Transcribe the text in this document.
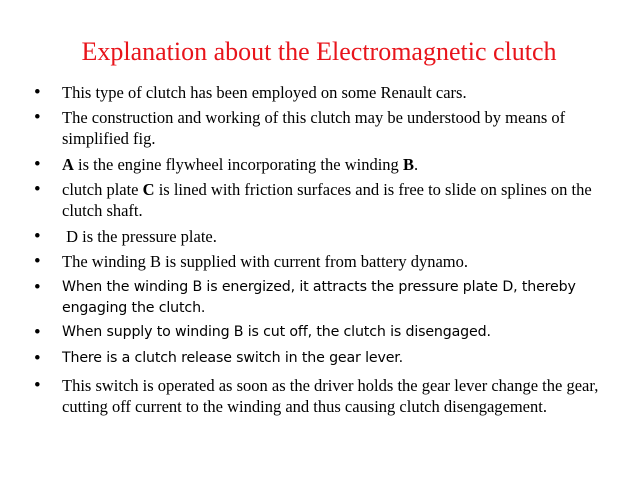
Explanation about the Electromagnetic clutch
• This type of clutch has been employed on some Renault cars.
• The construction and working of this clutch may be understood by means of simplified fig.
• A is the engine flywheel incorporating the winding B.
• clutch plate C is lined with friction surfaces and is free to slide on splines on the clutch shaft.
• D is the pressure plate.
• The winding B is supplied with current from battery dynamo.
• When the winding B is energized, it attracts the pressure plate D, thereby engaging the clutch.
• When supply to winding B is cut off, the clutch is disengaged.
• There is a clutch release switch in the gear lever.
• This switch is operated as soon as the driver holds the gear lever change the gear, cutting off current to the winding and thus causing clutch disengagement.
